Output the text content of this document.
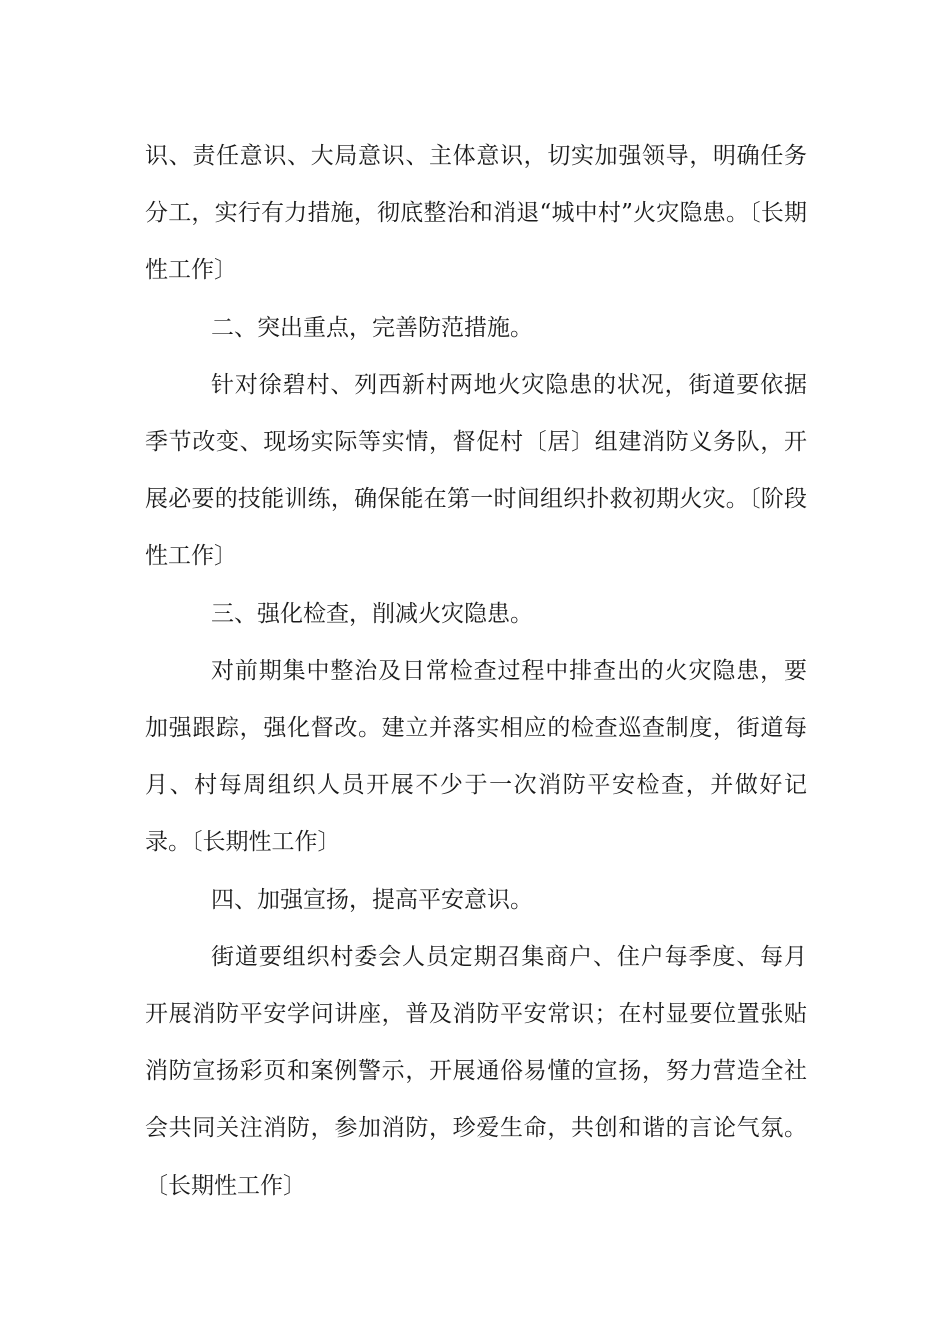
识、责任意识、大局意识、主体意识，切实加强领导，明确任务分工，实行有力措施，彻底整治和消退“城中村”火灾隐患。〔长期性工作〕

二、突出重点，完善防范措施。

针对徐碧村、列西新村两地火灾隐患的状况，街道要依据季节改变、现场实际等实情，督促村〔居〕组建消防义务队，开展必要的技能训练，确保能在第一时间组织扑救初期火灾。〔阶段性工作〕

三、强化检查，削减火灾隐患。

对前期集中整治及日常检查过程中排查出的火灾隐患，要加强跟踪，强化督改。建立并落实相应的检查巡查制度，街道每月、村每周组织人员开展不少于一次消防平安检查，并做好记录。〔长期性工作〕

四、加强宣扬，提高平安意识。

街道要组织村委会人员定期召集商户、住户每季度、每月开展消防平安学问讲座，普及消防平安常识；在村显要位置张贴消防宣扬彩页和案例警示，开展通俗易懂的宣扬，努力营造全社会共同关注消防，参加消防，珍爱生命，共创和谐的言论气氛。〔长期性工作〕
